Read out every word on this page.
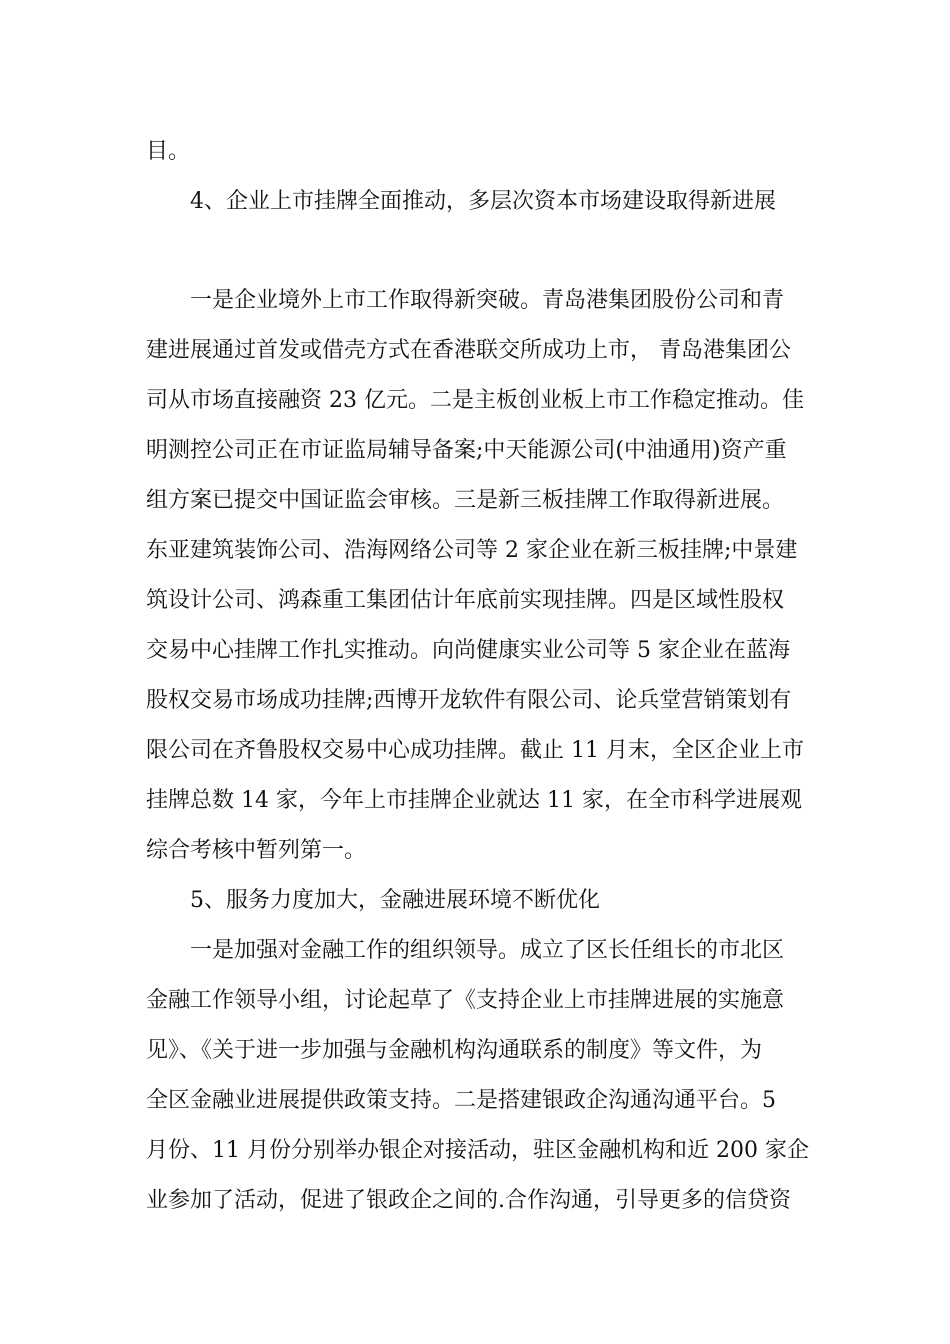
目。
4、企业上市挂牌全面推动，多层次资本市场建设取得新进展
一是企业境外上市工作取得新突破。青岛港集团股份公司和青
建进展通过首发或借壳方式在香港联交所成功上市， 青岛港集团公
司从市场直接融资 23 亿元。二是主板创业板上市工作稳定推动。佳
明测控公司正在市证监局辅导备案;中天能源公司(中油通用)资产重
组方案已提交中国证监会审核。三是新三板挂牌工作取得新进展。
东亚建筑装饰公司、浩海网络公司等 2 家企业在新三板挂牌;中景建
筑设计公司、鸿森重工集团估计年底前实现挂牌。四是区域性股权
交易中心挂牌工作扎实推动。向尚健康实业公司等 5 家企业在蓝海
股权交易市场成功挂牌;西博开龙软件有限公司、论兵堂营销策划有
限公司在齐鲁股权交易中心成功挂牌。截止 11 月末，全区企业上市
挂牌总数 14 家，今年上市挂牌企业就达 11 家，在全市科学进展观
综合考核中暂列第一。
5、服务力度加大，金融进展环境不断优化
一是加强对金融工作的组织领导。成立了区长任组长的市北区
金融工作领导小组，讨论起草了《支持企业上市挂牌进展的实施意
见》、《关于进一步加强与金融机构沟通联系的制度》等文件，为
全区金融业进展提供政策支持。二是搭建银政企沟通沟通平台。5
月份、11 月份分别举办银企对接活动，驻区金融机构和近 200 家企
业参加了活动，促进了银政企之间的.合作沟通，引导更多的信贷资
